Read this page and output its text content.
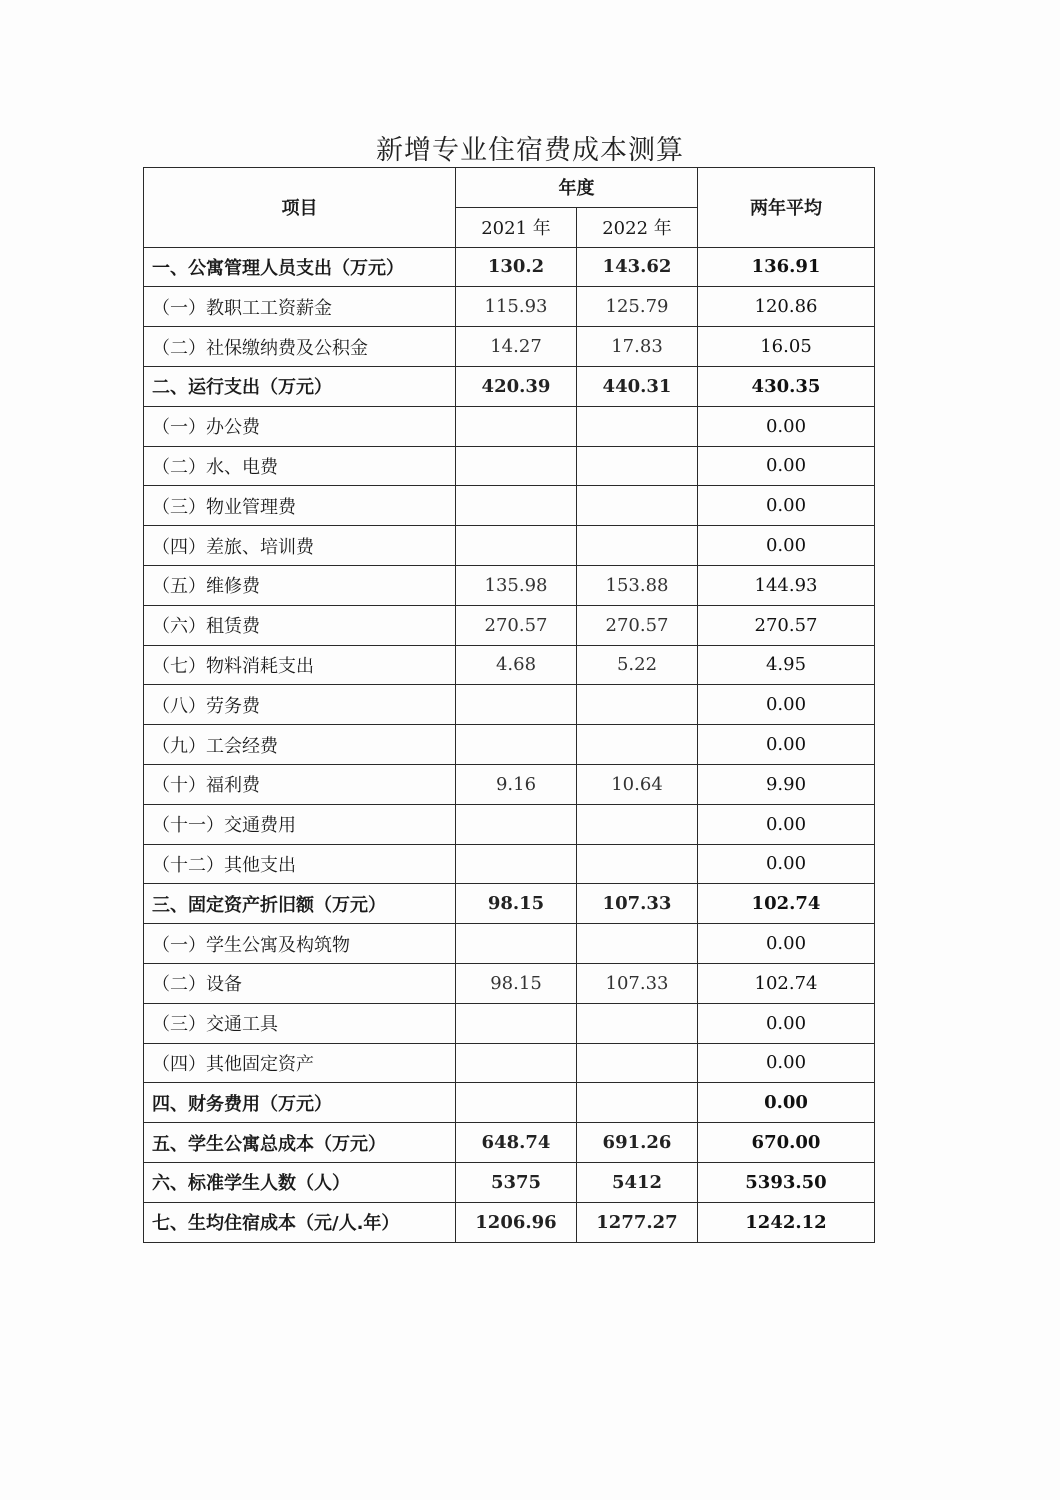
新增专业住宿费成本测算
项目	年度		两年平均
	2021 年	2022 年	
一、公寓管理人员支出（万元）	130.2	143.62	136.91
（一）教职工工资薪金	115.93	125.79	120.86
（二）社保缴纳费及公积金	14.27	17.83	16.05
二、运行支出（万元）	420.39	440.31	430.35
（一）办公费			0.00
（二）水、电费			0.00
（三）物业管理费			0.00
（四）差旅、培训费			0.00
（五）维修费	135.98	153.88	144.93
（六）租赁费	270.57	270.57	270.57
（七）物料消耗支出	4.68	5.22	4.95
（八）劳务费			0.00
（九）工会经费			0.00
（十）福利费	9.16	10.64	9.90
（十一）交通费用			0.00
（十二）其他支出			0.00
三、固定资产折旧额（万元）	98.15	107.33	102.74
（一）学生公寓及构筑物			0.00
（二）设备	98.15	107.33	102.74
（三）交通工具			0.00
（四）其他固定资产			0.00
四、财务费用（万元）			0.00
五、学生公寓总成本（万元）	648.74	691.26	670.00
六、标准学生人数（人）	5375	5412	5393.50
七、生均住宿成本（元/人.年）	1206.96	1277.27	1242.12
